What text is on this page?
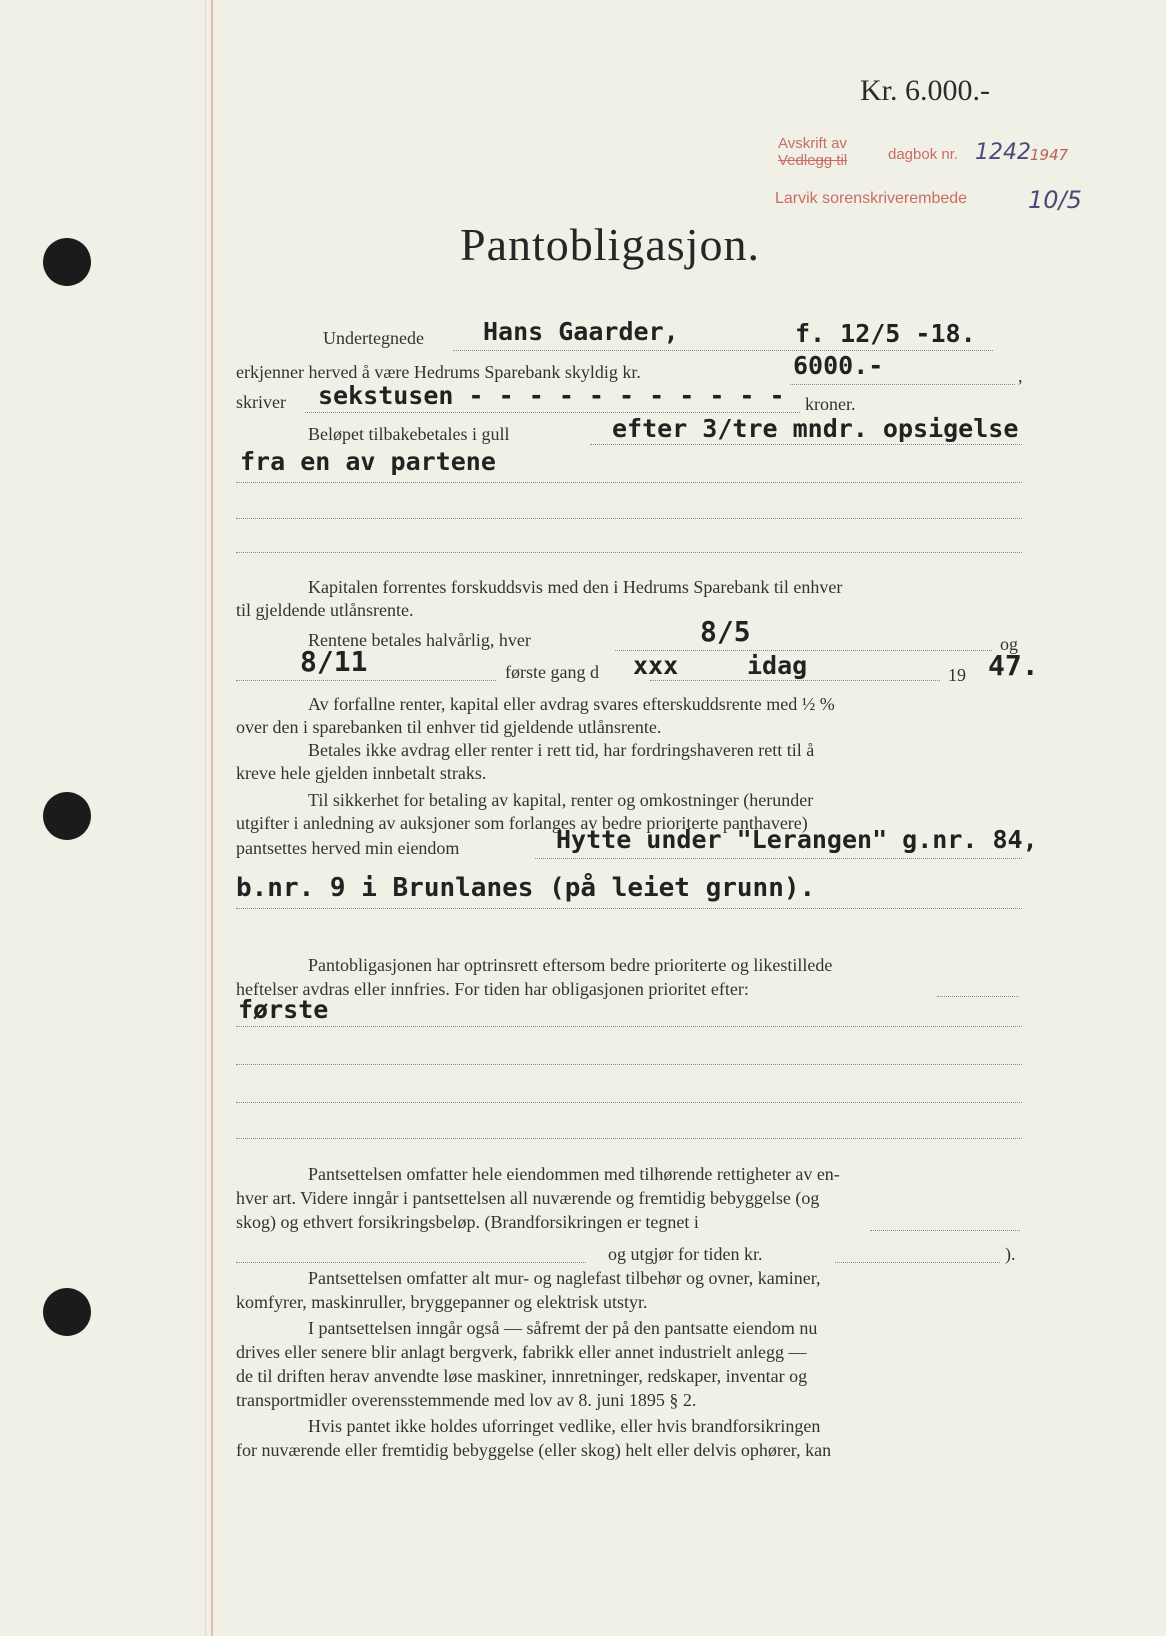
Kr. 6.000.-
Avskrift av
Vedlegg til	dagbok nr. 1242 1947
Larvik sorenskriverembede	10/5
Pantobligasjon.
Undertegnede Hans Gaarder,	f. 12/5 -18.
erkjenner herved å være Hedrums Sparebank skyldig kr.	6000.-	,
skriver sekstusen - - - - - - - - - - - kroner.
Beløpet tilbakebetales i gull	efter 3/tre mndr. opsigelse
fra en av partene
Kapitalen forrentes forskuddsvis med den i Hedrums Sparebank til enhver
til gjeldende utlånsrente.
Rentene betales halvårlig, hver	8/5	og
8/11	første gang d xxx	idag	19 47.
Av forfallne renter, kapital eller avdrag svares efterskuddsrente med ½ %
over den i sparebanken til enhver tid gjeldende utlånsrente.
Betales ikke avdrag eller renter i rett tid, har fordringshaveren rett til å
kreve hele gjelden innbetalt straks.
Til sikkerhet for betaling av kapital, renter og omkostninger (herunder
utgifter i anledning av auksjoner som forlanges av bedre prioriterte panthavere)
pantsettes herved min eiendom	Hytte under "Lerangen" g.nr. 84,
b.nr. 9 i Brunlanes (på leiet grunn).
Pantobligasjonen har optrinsrett eftersom bedre prioriterte og likestillede
heftelser avdras eller innfries. For tiden har obligasjonen prioritet efter:
første
Pantsettelsen omfatter hele eiendommen med tilhørende rettigheter av en-
hver art. Videre inngår i pantsettelsen all nuværende og fremtidig bebyggelse (og
skog) og ethvert forsikringsbeløp. (Brandforsikringen er tegnet i
og utgjør for tiden kr.	).
Pantsettelsen omfatter alt mur- og naglefast tilbehør og ovner, kaminer,
komfyrer, maskinruller, bryggepanner og elektrisk utstyr.
I pantsettelsen inngår også — såfremt der på den pantsatte eiendom nu
drives eller senere blir anlagt bergverk, fabrikk eller annet industrielt anlegg —
de til driften herav anvendte løse maskiner, innretninger, redskaper, inventar og
transportmidler overensstemmende med lov av 8. juni 1895 § 2.
Hvis pantet ikke holdes uforringet vedlike, eller hvis brandforsikringen
for nuværende eller fremtidig bebyggelse (eller skog) helt eller delvis ophører, kan
